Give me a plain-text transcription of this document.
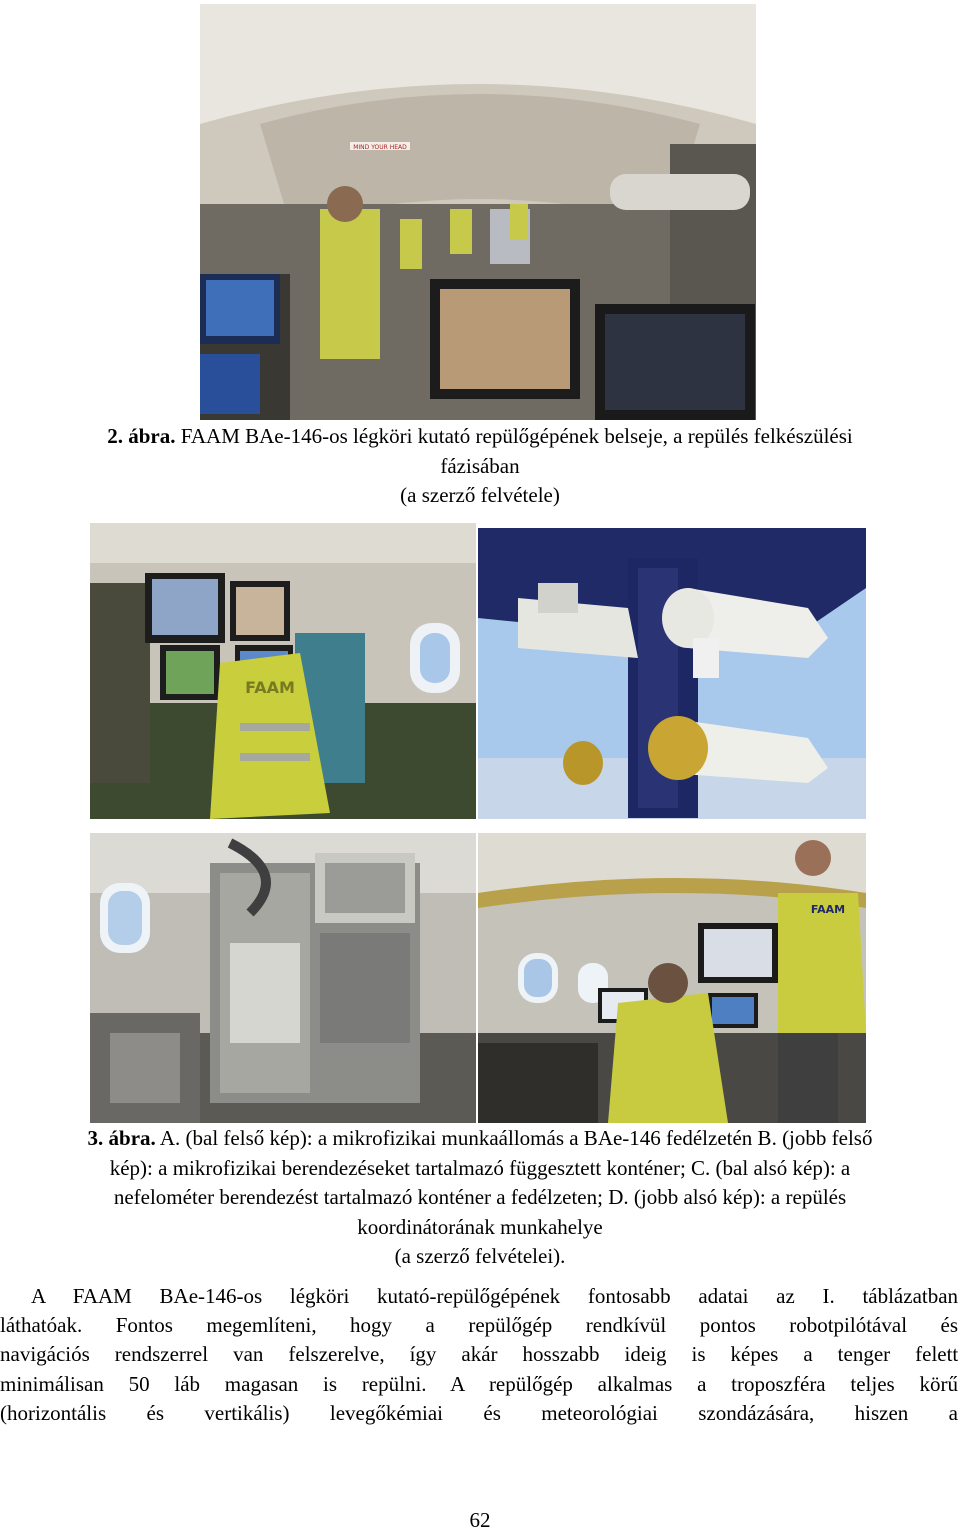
MIND YOUR HEAD
2. ábra. FAAM BAe-146-os légköri kutató repülőgépének belseje, a repülés felkészülési
fázisában
(a szerző felvétele)
FAAM
FAAM
3. ábra. A. (bal felső kép): a mikrofizikai munkaállomás a BAe-146 fedélzetén B. (jobb felső
kép): a mikrofizikai berendezéseket tartalmazó függesztett konténer; C. (bal alsó kép): a
nefelométer berendezést tartalmazó konténer a fedélzeten; D. (jobb alsó kép): a repülés
koordinátorának munkahelye
(a szerző felvételei).
A FAAM BAe-146-os légköri kutató-repülőgépének fontosabb adatai az I. táblázatban
láthatóak. Fontos megemlíteni, hogy a repülőgép rendkívül pontos robotpilótával és
navigációs rendszerrel van felszerelve, így akár hosszabb ideig is képes a tenger felett
minimálisan 50 láb magasan is repülni. A repülőgép alkalmas a troposzféra teljes körű
(horizontális és vertikális) levegőkémiai és meteorológiai szondázására, hiszen a
62
